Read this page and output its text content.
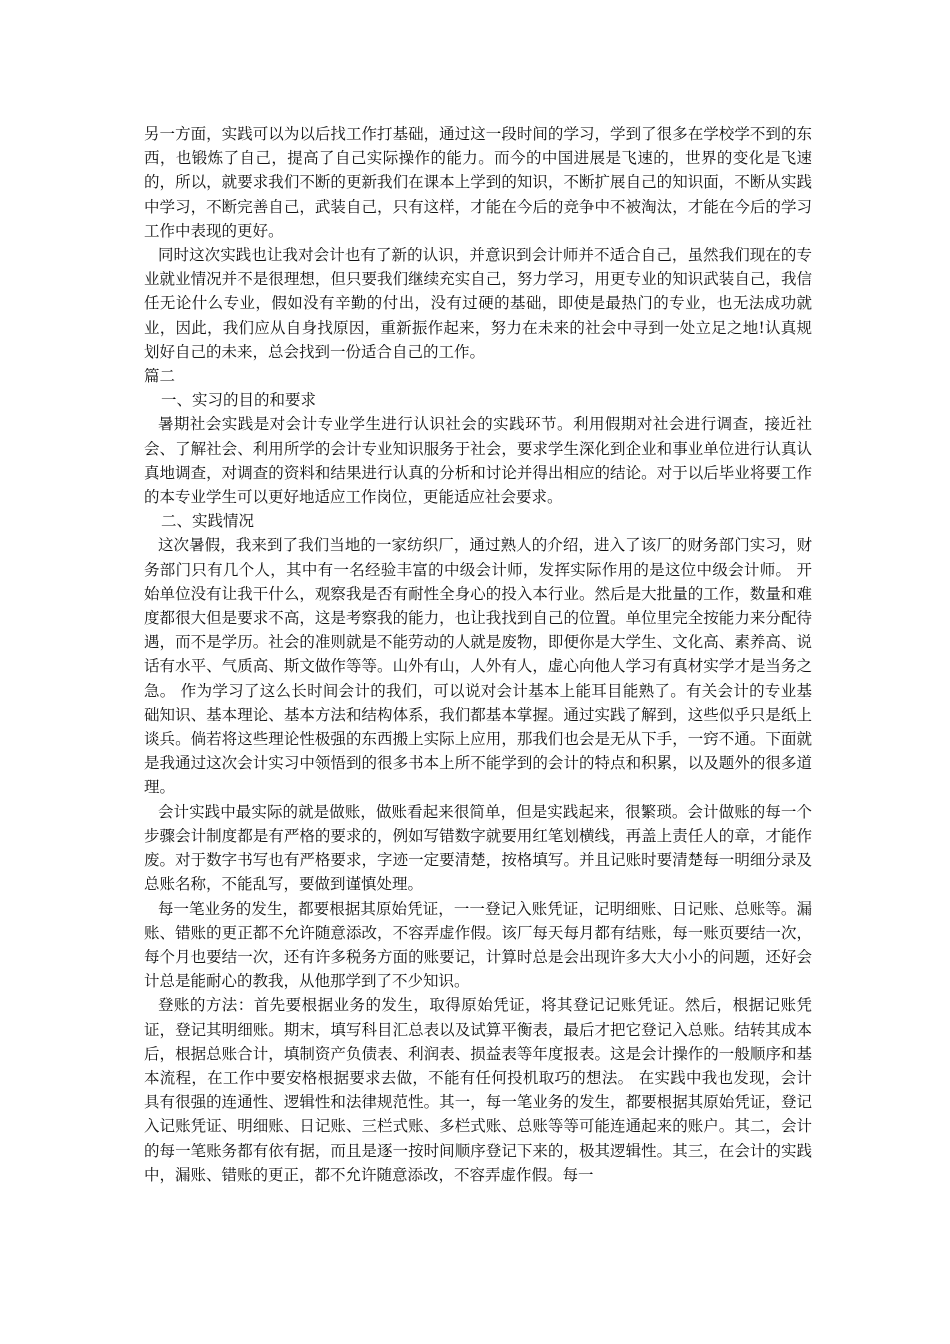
另一方面，实践可以为以后找工作打基础，通过这一段时间的学习，学到了很多在学校学不到的东西，也锻炼了自己，提高了自己实际操作的能力。而今的中国进展是飞速的，世界的变化是飞速的，所以，就要求我们不断的更新我们在课本上学到的知识，不断扩展自己的知识面，不断从实践中学习，不断完善自己，武装自己，只有这样，才能在今后的竞争中不被淘汰，才能在今后的学习工作中表现的更好。

同时这次实践也让我对会计也有了新的认识，并意识到会计师并不适合自己，虽然我们现在的专业就业情况并不是很理想，但只要我们继续充实自己，努力学习，用更专业的知识武装自己，我信任无论什么专业，假如没有辛勤的付出，没有过硬的基础，即使是最热门的专业，也无法成功就业，因此，我们应从自身找原因，重新振作起来，努力在未来的社会中寻到一处立足之地!认真规划好自己的未来，总会找到一份适合自己的工作。

篇二

一、实习的目的和要求

暑期社会实践是对会计专业学生进行认识社会的实践环节。利用假期对社会进行调查，接近社会、了解社会、利用所学的会计专业知识服务于社会，要求学生深化到企业和事业单位进行认真认真地调查，对调查的资料和结果进行认真的分析和讨论并得出相应的结论。对于以后毕业将要工作的本专业学生可以更好地适应工作岗位，更能适应社会要求。

二、实践情况

这次暑假，我来到了我们当地的一家纺织厂，通过熟人的介绍，进入了该厂的财务部门实习，财务部门只有几个人，其中有一名经验丰富的中级会计师，发挥实际作用的是这位中级会计师。 开始单位没有让我干什么，观察我是否有耐性全身心的投入本行业。然后是大批量的工作，数量和难度都很大但是要求不高，这是考察我的能力，也让我找到自己的位置。单位里完全按能力来分配待遇，而不是学历。社会的准则就是不能劳动的人就是废物，即便你是大学生、文化高、素养高、说话有水平、气质高、斯文做作等等。山外有山，人外有人，虚心向他人学习有真材实学才是当务之急。 作为学习了这么长时间会计的我们，可以说对会计基本上能耳目能熟了。有关会计的专业基础知识、基本理论、基本方法和结构体系，我们都基本掌握。通过实践了解到，这些似乎只是纸上谈兵。倘若将这些理论性极强的东西搬上实际上应用，那我们也会是无从下手，一窍不通。下面就是我通过这次会计实习中领悟到的很多书本上所不能学到的会计的特点和积累，以及题外的很多道理。

会计实践中最实际的就是做账，做账看起来很简单，但是实践起来，很繁琐。会计做账的每一个步骤会计制度都是有严格的要求的，例如写错数字就要用红笔划横线，再盖上责任人的章，才能作废。对于数字书写也有严格要求，字迹一定要清楚，按格填写。并且记账时要清楚每一明细分录及总账名称，不能乱写，要做到谨慎处理。

每一笔业务的发生，都要根据其原始凭证，一一登记入账凭证，记明细账、日记账、总账等。漏账、错账的更正都不允许随意添改，不容弄虚作假。该厂每天每月都有结账，每一账页要结一次，每个月也要结一次，还有许多税务方面的账要记，计算时总是会出现许多大大小小的问题，还好会计总是能耐心的教我，从他那学到了不少知识。

登账的方法：首先要根据业务的发生，取得原始凭证，将其登记记账凭证。然后，根据记账凭证，登记其明细账。期末，填写科目汇总表以及试算平衡表，最后才把它登记入总账。结转其成本后，根据总账合计，填制资产负债表、利润表、损益表等年度报表。这是会计操作的一般顺序和基本流程，在工作中要安格根据要求去做，不能有任何投机取巧的想法。 在实践中我也发现，会计具有很强的连通性、逻辑性和法律规范性。其一，每一笔业务的发生，都要根据其原始凭证，登记入记账凭证、明细账、日记账、三栏式账、多栏式账、总账等等可能连通起来的账户。其二，会计的每一笔账务都有依有据，而且是逐一按时间顺序登记下来的，极其逻辑性。其三，在会计的实践中，漏账、错账的更正，都不允许随意添改，不容弄虚作假。每一
